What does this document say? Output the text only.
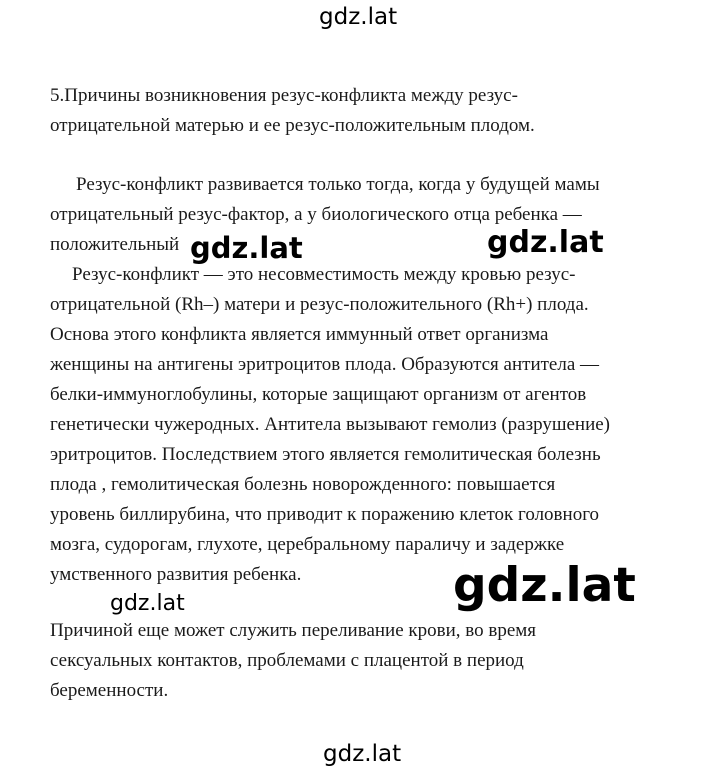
5.Причины возникновения резус-конфликта между резус-
отрицательной матерью и ее резус-положительным плодом.
Резус-конфликт развивается только тогда, когда у будущей мамы
отрицательный резус-фактор, а у биологического отца ребенка —
положительный
Резус-конфликт — это несовместимость между кровью резус-
отрицательной (Rh–) матери и резус-положительного (Rh+) плода.
Основа этого конфликта является иммунный ответ организма
женщины на антигены эритроцитов плода. Образуются антитела —
белки-иммуноглобулины, которые защищают организм от агентов
генетически чужеродных. Антитела вызывают гемолиз (разрушение)
эритроцитов. Последствием этого является гемолитическая болезнь
плода , гемолитическая болезнь новорожденного: повышается
уровень биллирубина, что приводит к поражению клеток головного
мозга, судорогам, глухоте, церебральному параличу и задержке
умственного развития ребенка.
Причиной еще может служить переливание крови, во время
сексуальных контактов, проблемами с плацентой в период
беременности.
gdz.lat
gdz.lat	gdz.lat
gdz.lat
gdz.lat
gdz.lat
